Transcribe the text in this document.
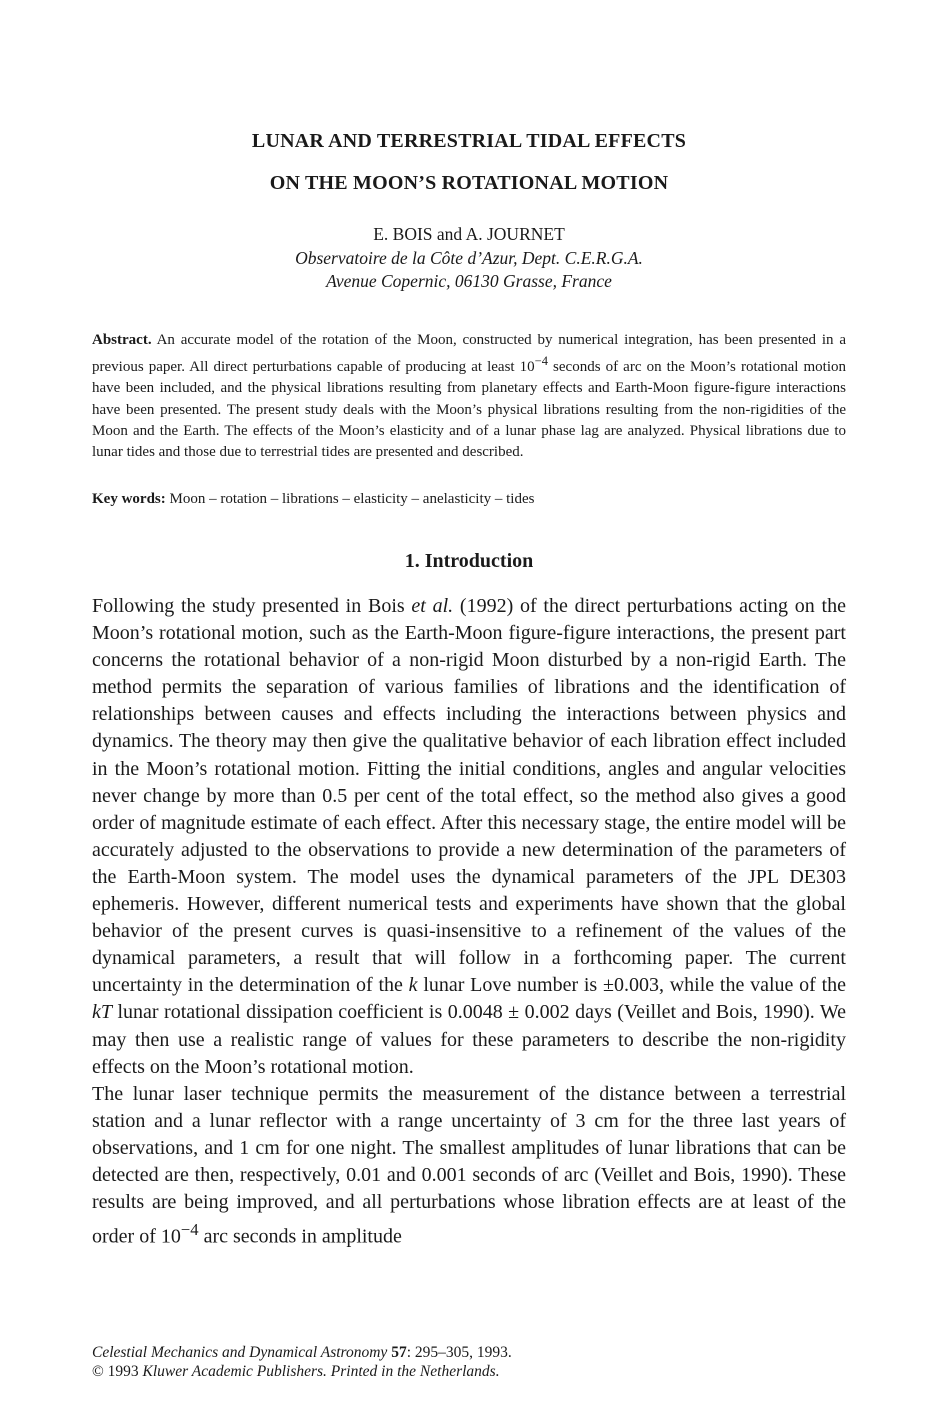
LUNAR AND TERRESTRIAL TIDAL EFFECTS
ON THE MOON’S ROTATIONAL MOTION
E. BOIS and A. JOURNET
Observatoire de la Côte d’Azur, Dept. C.E.R.G.A.
Avenue Copernic, 06130 Grasse, France

Abstract. An accurate model of the rotation of the Moon, constructed by numerical integration, has been presented in a previous paper. All direct perturbations capable of producing at least $10^{-4}$ seconds of arc on the Moon’s rotational motion have been included, and the physical librations resulting from planetary effects and Earth-Moon figure-figure interactions have been presented. The present study deals with the Moon’s physical librations resulting from the non-rigidities of the Moon and the Earth. The effects of the Moon’s elasticity and of a lunar phase lag are analyzed. Physical librations due to lunar tides and those due to terrestrial tides are presented and described.

Key words: Moon – rotation – librations – elasticity – anelasticity – tides

1. Introduction

Following the study presented in Bois et al. (1992) of the direct perturbations acting on the Moon’s rotational motion, such as the Earth-Moon figure-figure interactions, the present part concerns the rotational behavior of a non-rigid Moon disturbed by a non-rigid Earth. The method permits the separation of various families of librations and the identification of relationships between causes and effects including the interactions between physics and dynamics. The theory may then give the qualitative behavior of each libration effect included in the Moon’s rotational motion. Fitting the initial conditions, angles and angular velocities never change by more than 0.5 per cent of the total effect, so the method also gives a good order of magnitude estimate of each effect. After this necessary stage, the entire model will be accurately adjusted to the observations to provide a new determination of the parameters of the Earth-Moon system. The model uses the dynamical parameters of the JPL DE303 ephemeris. However, different numerical tests and experiments have shown that the global behavior of the present curves is quasi-insensitive to a refinement of the values of the dynamical parameters, a result that will follow in a forthcoming paper. The current uncertainty in the determination of the k lunar Love number is ±0.003, while the value of the kT lunar rotational dissipation coefficient is 0.0048 ± 0.002 days (Veillet and Bois, 1990). We may then use a realistic range of values for these parameters to describe the non-rigidity effects on the Moon’s rotational motion.

The lunar laser technique permits the measurement of the distance between a terrestrial station and a lunar reflector with a range uncertainty of 3 cm for the three last years of observations, and 1 cm for one night. The smallest amplitudes of lunar librations that can be detected are then, respectively, 0.01 and 0.001 seconds of arc (Veillet and Bois, 1990). These results are being improved, and all perturbations whose libration effects are at least of the order of $10^{-4}$ arc seconds in amplitude

Celestial Mechanics and Dynamical Astronomy 57: 295–305, 1993.
© 1993 Kluwer Academic Publishers. Printed in the Netherlands.
